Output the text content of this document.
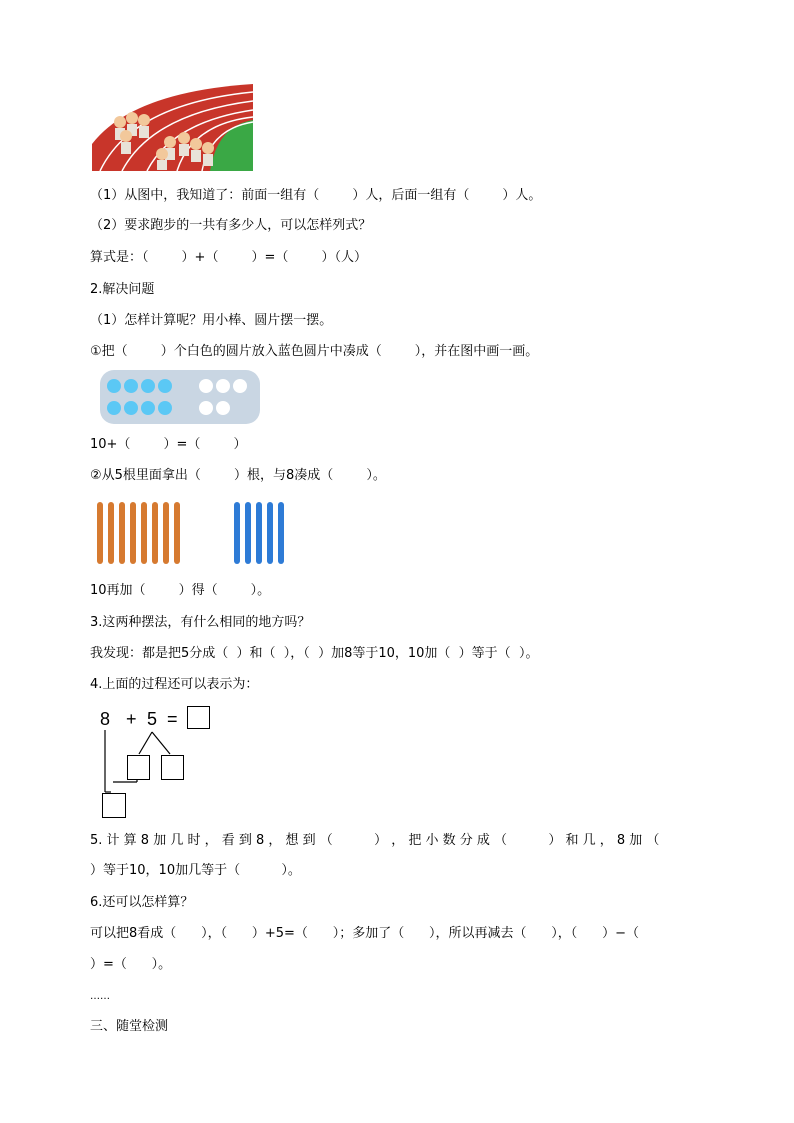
（1）从图中，我知道了：前面一组有（        ）人，后面一组有（        ）人。
（2）要求跑步的一共有多少人，可以怎样列式？
算式是：（        ）+（        ）=（        ）（人）
2.解决问题
（1）怎样计算呢？用小棒、圆片摆一摆。
①把（        ）个白色的圆片放入蓝色圆片中凑成（        ），并在图中画一画。
10+（        ）=（        ）
②从5根里面拿出（        ）根，与8凑成（        ）。
10再加（        ）得（        ）。
3.这两种摆法，有什么相同的地方吗？
我发现：都是把5分成（  ）和（  ），（  ）加8等于10，10加（  ）等于（  ）。
4.上面的过程还可以表示为：
8 + 5 =
5. 计 算 8 加 几 时 ， 看 到 8 ， 想 到 （          ） ， 把 小 数 分 成 （          ） 和 几 ， 8 加 （
）等于10，10加几等于（          ）。
6.还可以怎样算？
可以把8看成（      ），（      ）+5=（      ）；多加了（      ），所以再减去（      ），（      ）−（
）=（      ）。
……
三、随堂检测
